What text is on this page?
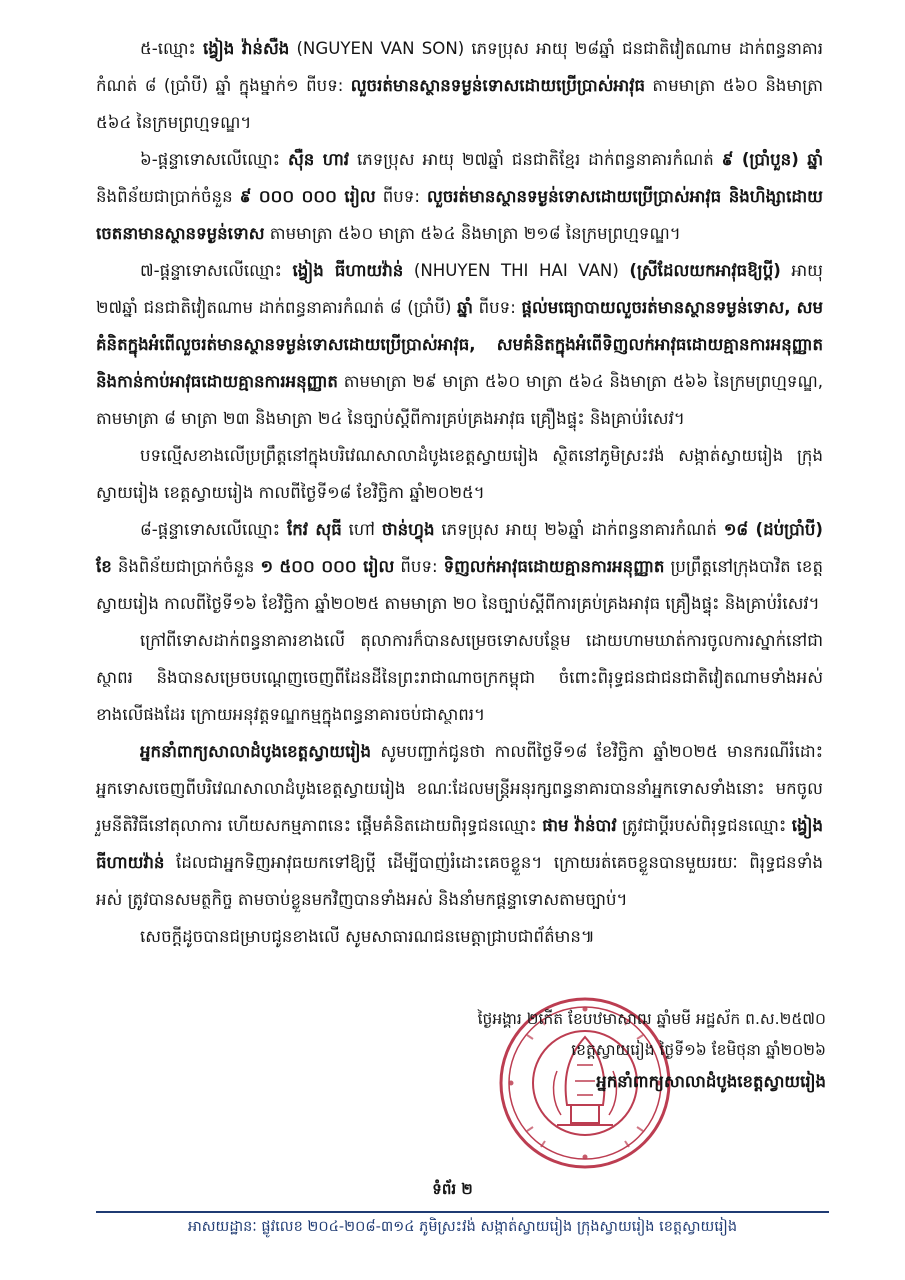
៥-ឈ្មោះ ង្វៀង វ៉ាន់សឺង (NGUYEN VAN SON) ភេទប្រុស អាយុ ២៨ឆ្នាំ ជនជាតិវៀតណាម ដាក់ពន្ធនាគារកំណត់ ៨ (ប្រាំបី) ឆ្នាំ ក្នុងម្នាក់១ ពីបទ: លួចរត់មានស្ថានទម្ងន់ទោសដោយប្រើប្រាស់អាវុធ តាមមាត្រា ៥៦០ និងមាត្រា ៥៦៤ នៃក្រមព្រហ្មទណ្ឌ។

៦-ផ្តន្ទាទោសលើឈ្មោះ ស៊ឺន ហាវ ភេទប្រុស អាយុ ២៧ឆ្នាំ ជនជាតិខ្មែរ ដាក់ពន្ធនាគារកំណត់ ៩ (ប្រាំបួន) ឆ្នាំ និងពិន័យជាប្រាក់ចំនួន ៩ ០០០ ០០០ រៀល ពីបទ: លួចរត់មានស្ថានទម្ងន់ទោសដោយប្រើប្រាស់អាវុធ និងហិង្សាដោយចេតនាមានស្ថានទម្ងន់ទោស តាមមាត្រា ៥៦០ មាត្រា ៥៦៤ និងមាត្រា ២១៨ នៃក្រមព្រហ្មទណ្ឌ។

៧-ផ្តន្ទាទោសលើឈ្មោះ ង្វៀង ធីហាយវ៉ាន់ (NHUYEN THI HAI VAN) (ស្រីដែលយកអាវុធឱ្យប្តី) អាយុ ២៧ឆ្នាំ ជនជាតិវៀតណាម ដាក់ពន្ធនាគារកំណត់ ៨ (ប្រាំបី) ឆ្នាំ ពីបទ: ផ្តល់មធ្យោបាយលួចរត់មានស្ថានទម្ងន់ទោស, សមគំនិតក្នុងអំពើលួចរត់មានស្ថានទម្ងន់ទោសដោយប្រើប្រាស់អាវុធ, សមគំនិតក្នុងអំពើទិញលក់អាវុធដោយគ្មានការអនុញ្ញាត និងកាន់កាប់អាវុធដោយគ្មានការអនុញ្ញាត តាមមាត្រា ២៩ មាត្រា ៥៦០ មាត្រា ៥៦៤ និងមាត្រា ៥៦៦ នៃក្រមព្រហ្មទណ្ឌ, តាមមាត្រា ៨ មាត្រា ២៣ និងមាត្រា ២៤ នៃច្បាប់ស្តីពីការគ្រប់គ្រងអាវុធ គ្រឿងផ្ទុះ និងគ្រាប់រំសេវ។

បទល្មើសខាងលើប្រព្រឹត្តនៅក្នុងបរិវេណសាលាដំបូងខេត្តស្វាយរៀង ស្ថិតនៅភូមិស្រះវង់ សង្កាត់ស្វាយរៀង ក្រុងស្វាយរៀង ខេត្តស្វាយរៀង កាលពីថ្ងៃទី១៨ ខែវិច្ឆិកា ឆ្នាំ២០២៥។

៨-ផ្តន្ទាទោសលើឈ្មោះ កែវ សុធី ហៅ ថាន់ហ្វុង ភេទប្រុស អាយុ ២៦ឆ្នាំ ដាក់ពន្ធនាគារកំណត់ ១៨ (ដប់ប្រាំបី) ខែ និងពិន័យជាប្រាក់ចំនួន ១ ៥០០ ០០០ រៀល ពីបទ: ទិញលក់អាវុធដោយគ្មានការអនុញ្ញាត ប្រព្រឹត្តនៅក្រុងបាវិត ខេត្តស្វាយរៀង កាលពីថ្ងៃទី១៦ ខែវិច្ឆិកា ឆ្នាំ២០២៥ តាមមាត្រា ២០ នៃច្បាប់ស្តីពីការគ្រប់គ្រងអាវុធ គ្រឿងផ្ទុះ និងគ្រាប់រំសេវ។

ក្រៅពីទោសដាក់ពន្ធនាគារខាងលើ តុលាការក៏បានសម្រេចទោសបន្ថែម ដោយហាមឃាត់ការចូលការស្នាក់នៅជាស្ថាពរ និងបានសម្រេចបណ្តេញចេញពីដែនដីនៃព្រះរាជាណាចក្រកម្ពុជា ចំពោះពិរុទ្ធជនជាជនជាតិវៀតណាមទាំងអស់ខាងលើផងដែរ ក្រោយអនុវត្តទណ្ឌកម្មក្នុងពន្ធនាគារចប់ជាស្ថាពរ។

អ្នកនាំពាក្យសាលាដំបូងខេត្តស្វាយរៀង សូមបញ្ជាក់ជូនថា កាលពីថ្ងៃទី១៨ ខែវិច្ឆិកា ឆ្នាំ២០២៥ មានករណីរំដោះអ្នកទោសចេញពីបរិវេណសាលាដំបូងខេត្តស្វាយរៀង ខណៈដែលមន្ត្រីអនុរក្សពន្ធនាគារបាននាំអ្នកទោសទាំងនោះ មកចូលរួមនីតិវិធីនៅតុលាការ ហើយសកម្មភាពនេះ ផ្តើមគំនិតដោយពិរុទ្ធជនឈ្មោះ ផាម វ៉ាន់បាវ ត្រូវជាប្តីរបស់ពិរុទ្ធជនឈ្មោះ ង្វៀង ធីហាយវ៉ាន់ ដែលជាអ្នកទិញអាវុធយកទៅឱ្យប្តី ដើម្បីបាញ់រំដោះគេចខ្លួន។ ក្រោយរត់គេចខ្លួនបានមួយរយៈ ពិរុទ្ធជនទាំងអស់ ត្រូវបានសមត្ថកិច្ច តាមចាប់ខ្លួនមកវិញបានទាំងអស់ និងនាំមកផ្តន្ទាទោសតាមច្បាប់។

សេចក្តីដូចបានជម្រាបជូនខាងលើ សូមសាធារណជនមេត្តាជ្រាបជាព័ត៌មាន៕

ថ្ងៃអង្គារ ២កើត ខែបឋមាសាឍ ឆ្នាំមមី អដ្ឋស័ក ព.ស.២៥៧០

ខេត្តស្វាយរៀង ថ្ងៃទី១៦ ខែមិថុនា ឆ្នាំ២០២៦

អ្នកនាំពាក្យសាលាដំបូងខេត្តស្វាយរៀង

ទំព័រ ២
អាសយដ្ឋានៈ ផ្លូវលេខ ២០៤-២០៨-៣១៤ ភូមិស្រះវង់ សង្កាត់ស្វាយរៀង ក្រុងស្វាយរៀង ខេត្តស្វាយរៀង
